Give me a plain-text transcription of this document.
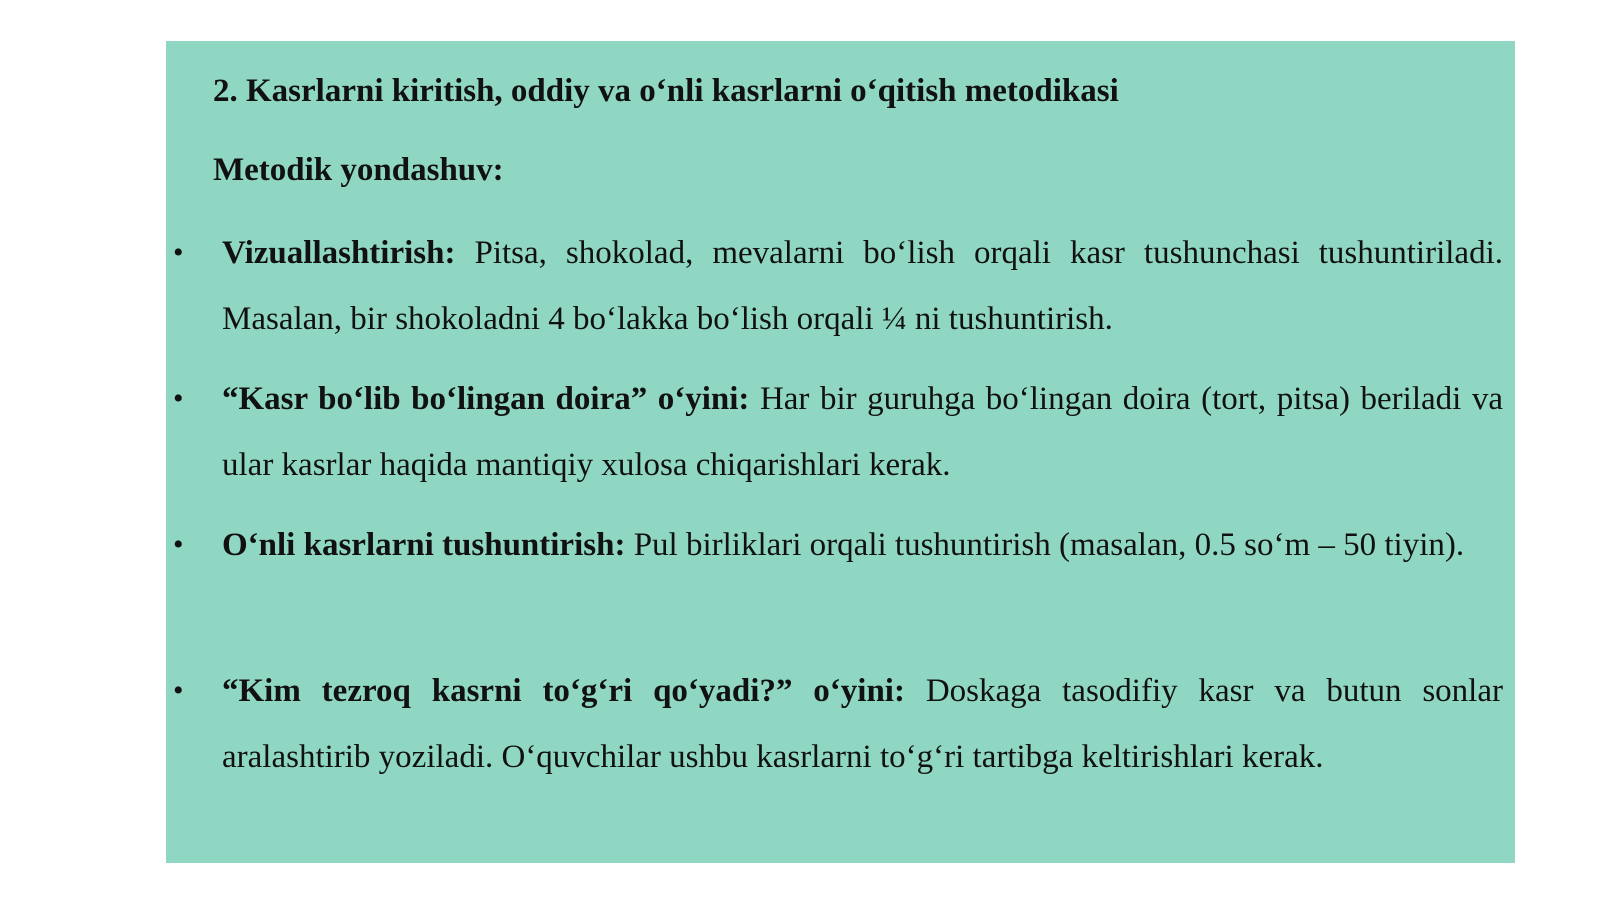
2. Kasrlarni kiritish, oddiy va o‘nli kasrlarni o‘qitish metodikasi
Metodik yondashuv:
• Vizuallashtirish: Pitsa, shokolad, mevalarni bo‘lish orqali kasr tushunchasi tushuntiriladi. Masalan, bir shokoladni 4 bo‘lakka bo‘lish orqali ¼ ni tushuntirish.
• “Kasr bo‘lib bo‘lingan doira” o‘yini: Har bir guruhga bo‘lingan doira (tort, pitsa) beriladi va ular kasrlar haqida mantiqiy xulosa chiqarishlari kerak.
• O‘nli kasrlarni tushuntirish: Pul birliklari orqali tushuntirish (masalan, 0.5 so‘m – 50 tiyin).
• “Kim tezroq kasrni to‘g‘ri qo‘yadi?” o‘yini: Doskaga tasodifiy kasr va butun sonlar aralashtirib yoziladi. O‘quvchilar ushbu kasrlarni to‘g‘ri tartibga keltirishlari kerak.
